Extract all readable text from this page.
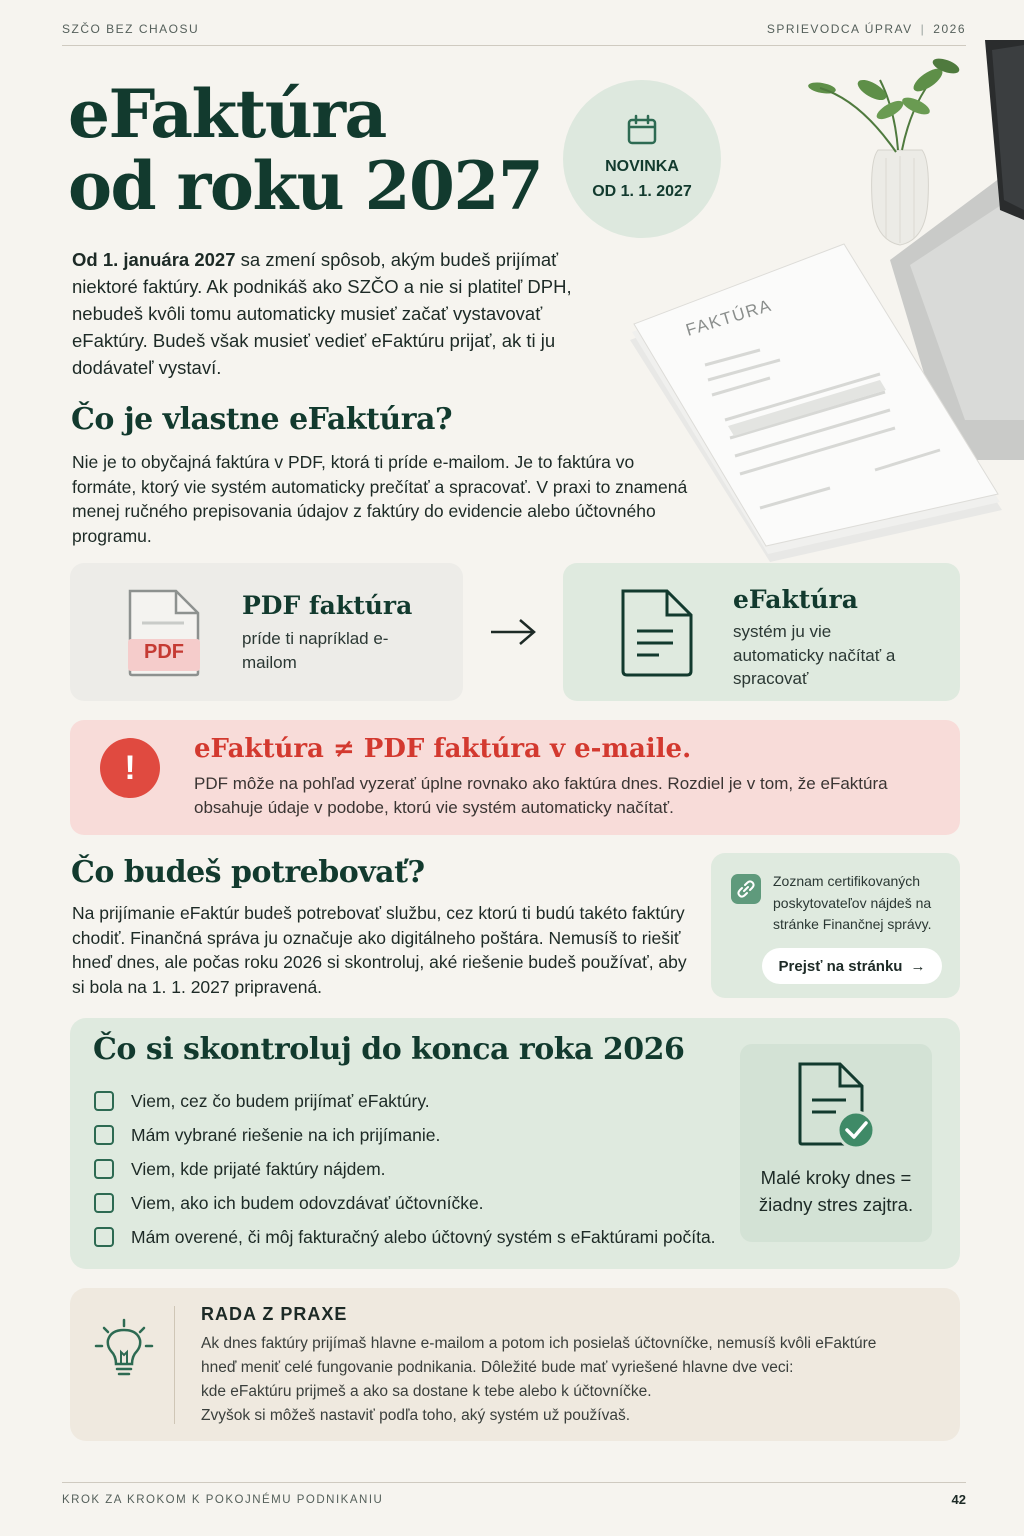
SZČO BEZ CHAOSU	SPRIEVODCA ÚPRAV | 2026
FAKTÚRA
eFaktúra
od roku 2027	NOVINKA
OD 1. 1. 2027

Od 1. januára 2027 sa zmení spôsob, akým budeš prijímať niektoré faktúry. Ak podnikáš ako SZČO a nie si platiteľ DPH, nebudeš kvôli tomu automaticky musieť začať vystavovať eFaktúry. Budeš však musieť vedieť eFaktúru prijať, ak ti ju dodávateľ vystaví.

Čo je vlastne eFaktúra?

Nie je to obyčajná faktúra v PDF, ktorá ti príde e-mailom. Je to faktúra vo formáte, ktorý vie systém automaticky prečítať a spracovať. V praxi to znamená menej ručného prepisovania údajov z faktúry do evidencie alebo účtovného programu.

PDF
PDF faktúra
príde ti napríklad e-mailom
eFaktúra
systém ju vie automaticky načítať a spracovať
!	eFaktúra ≠ PDF faktúra v e-maile.
PDF môže na pohľad vyzerať úplne rovnako ako faktúra dnes. Rozdiel je v tom, že eFaktúra obsahuje údaje v podobe, ktorú vie systém automaticky načítať.
Čo budeš potrebovať?

Na prijímanie eFaktúr budeš potrebovať službu, cez ktorú ti budú takéto faktúry chodiť. Finančná správa ju označuje ako digitálneho poštára. Nemusíš to riešiť hneď dnes, ale počas roku 2026 si skontroluj, aké riešenie budeš používať, aby si bola na 1. 1. 2027 pripravená.

Zoznam certifikovaných poskytovateľov nájdeš na stránke Finančnej správy.
Prejsť na stránku →
Čo si skontroluj do konca roka 2026
Viem, cez čo budem prijímať eFaktúry.
Mám vybrané riešenie na ich prijímanie.
Viem, kde prijaté faktúry nájdem.
Viem, ako ich budem odovzdávať účtovníčke.
Mám overené, či môj fakturačný alebo účtovný systém s eFaktúrami počíta.
Malé kroky dnes = žiadny stres zajtra.
RADA Z PRAXE
Ak dnes faktúry prijímaš hlavne e-mailom a potom ich posielaš účtovníčke, nemusíš kvôli eFaktúre
hneď meniť celé fungovanie podnikania. Dôležité bude mať vyriešené hlavne dve veci:
kde eFaktúru prijmeš a ako sa dostane k tebe alebo k účtovníčke.
Zvyšok si môžeš nastaviť podľa toho, aký systém už používaš.
KROK ZA KROKOM K POKOJNÉMU PODNIKANIU	42
